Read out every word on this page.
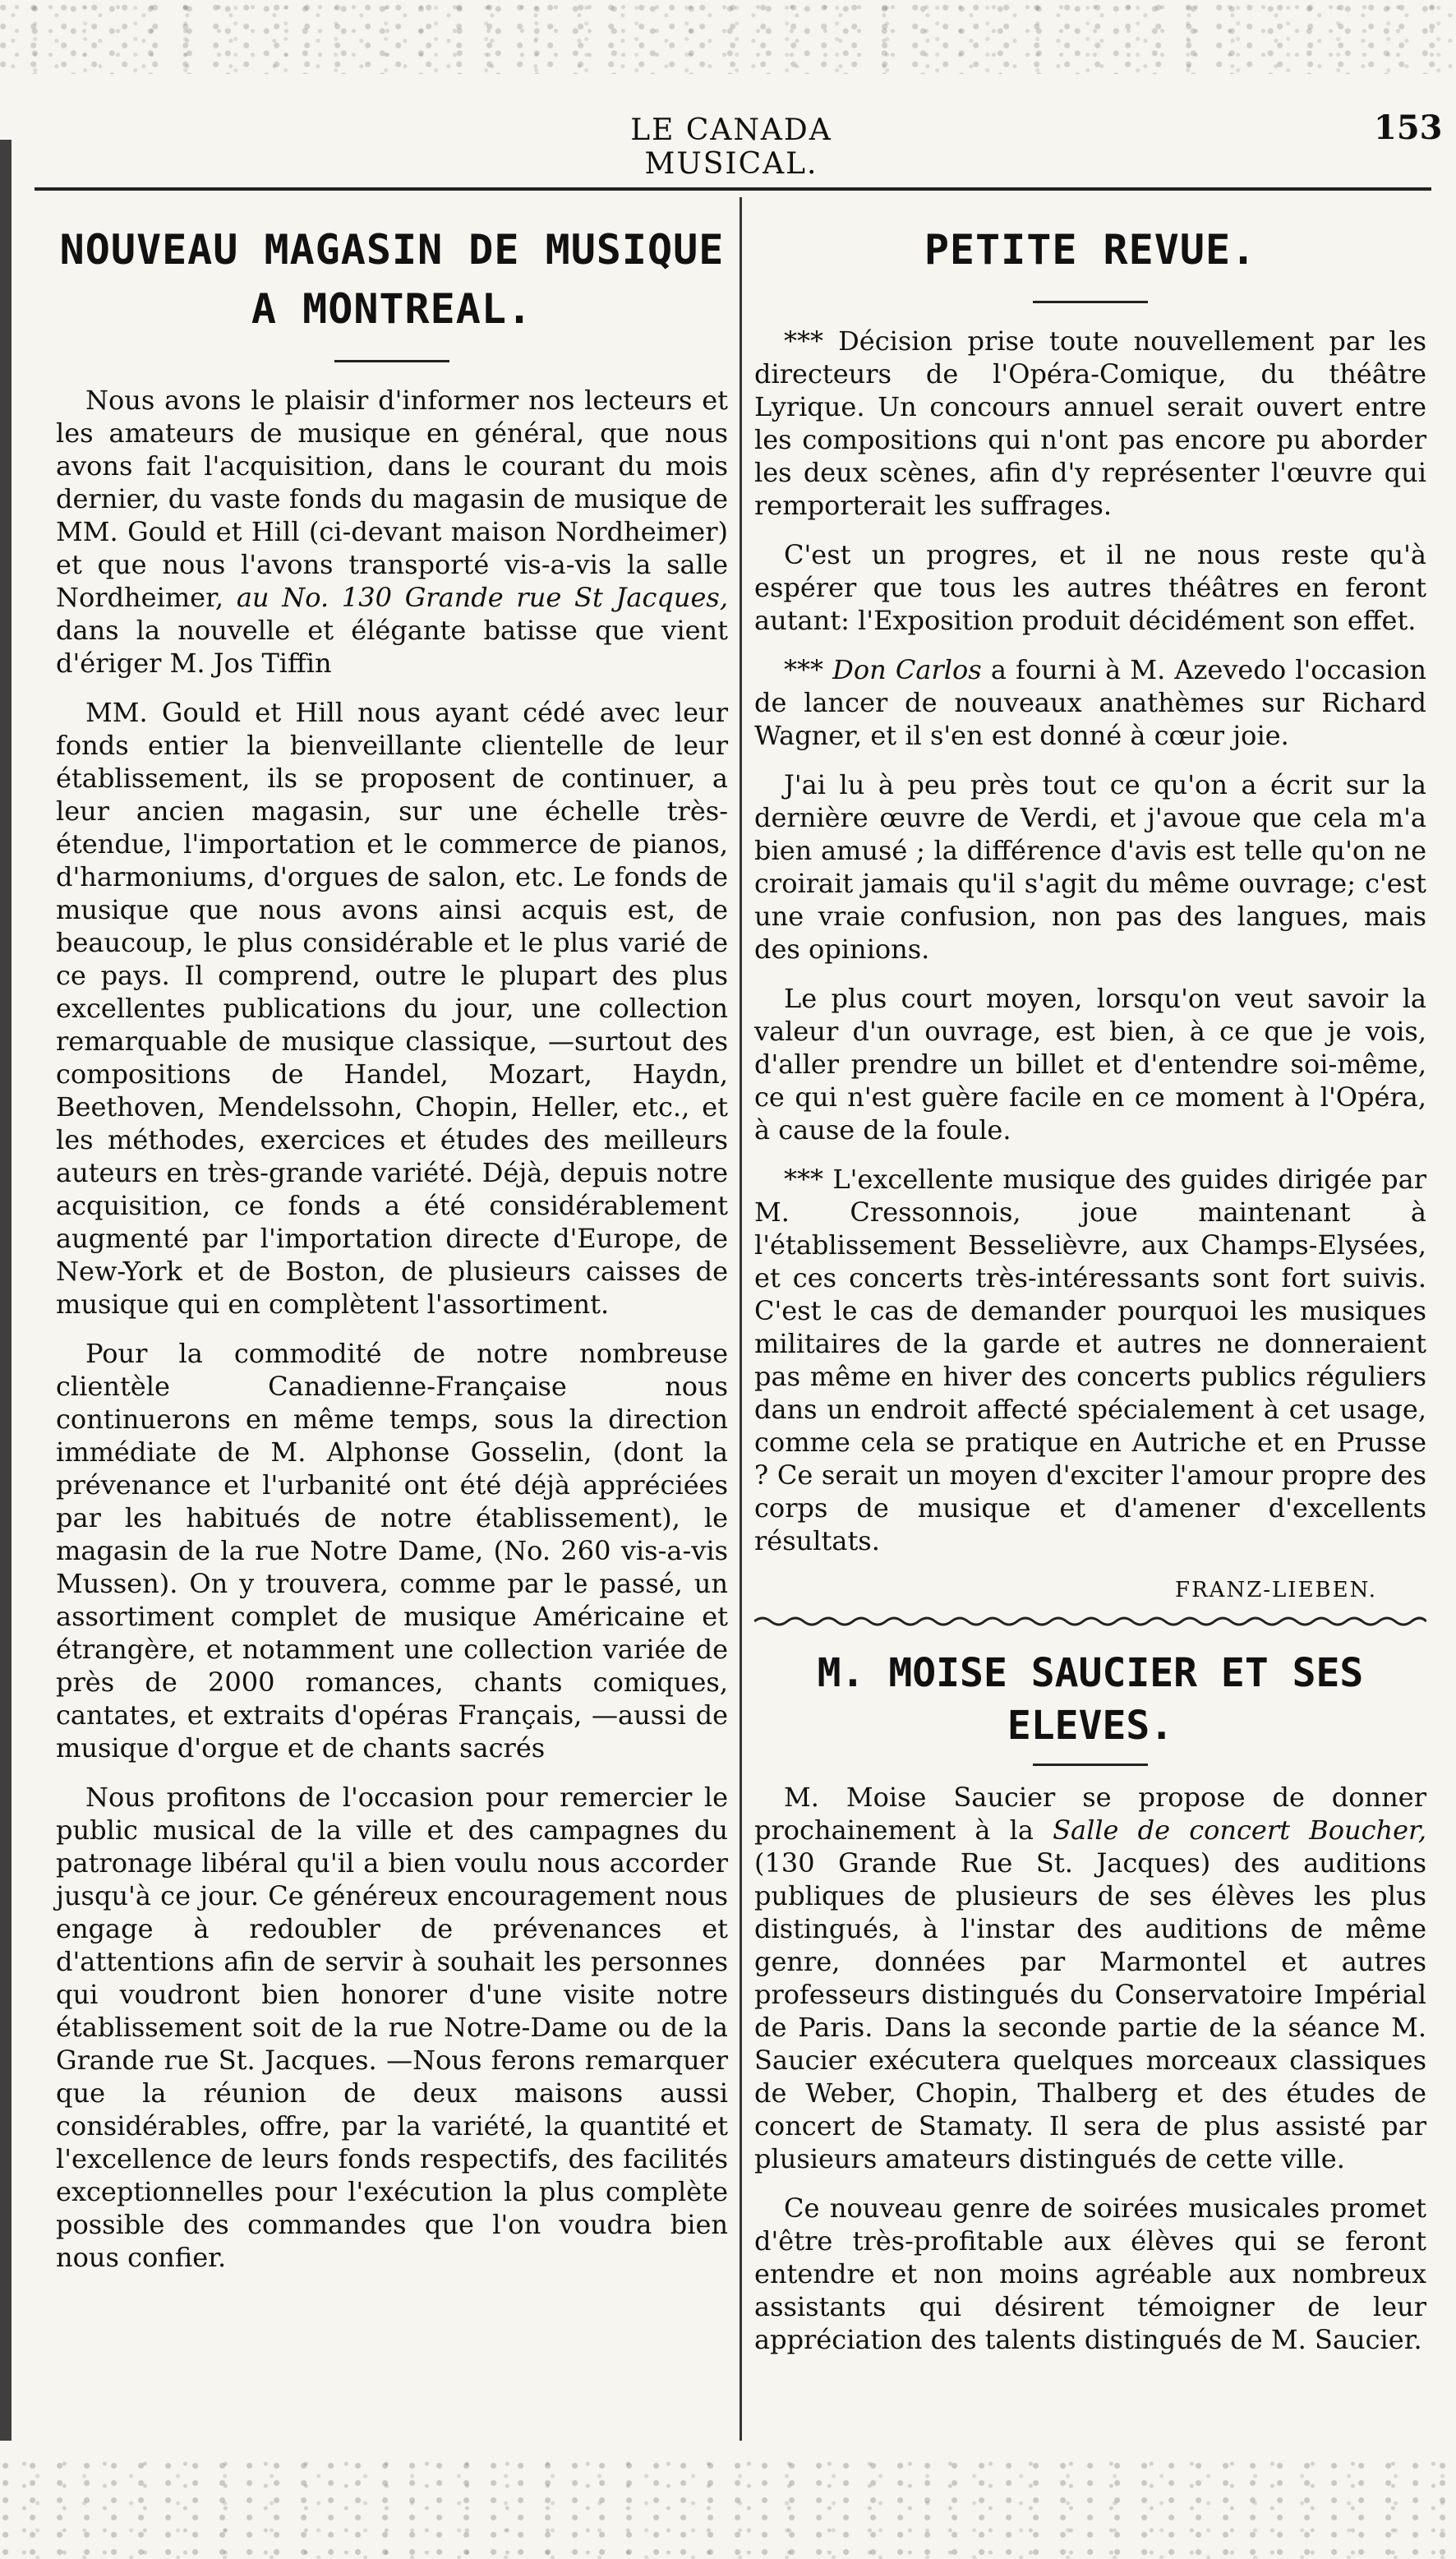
LE CANADA MUSICAL.
153
NOUVEAU MAGASIN DE MUSIQUE A MONTREAL.

Nous avons le plaisir d'informer nos lecteurs et les amateurs de musique en général, que nous avons fait l'acquisition, dans le courant du mois dernier, du vaste fonds du magasin de musique de MM. Gould et Hill (ci-devant maison Nordheimer) et que nous l'avons transporté vis-a-vis la salle Nordheimer, au No. 130 Grande rue St Jacques, dans la nouvelle et élégante batisse que vient d'ériger M. Jos Tiffin

MM. Gould et Hill nous ayant cédé avec leur fonds entier la bienveillante clientelle de leur établissement, ils se proposent de continuer, a leur ancien magasin, sur une échelle très-étendue, l'importation et le commerce de pianos, d'harmoniums, d'orgues de salon, etc. Le fonds de musique que nous avons ainsi acquis est, de beaucoup, le plus considérable et le plus varié de ce pays. Il comprend, outre le plupart des plus excellentes publications du jour, une collection remarquable de musique classique, —surtout des compositions de Handel, Mozart, Haydn, Beethoven, Mendelssohn, Chopin, Heller, etc., et les méthodes, exercices et études des meilleurs auteurs en très-grande variété. Déjà, depuis notre acquisition, ce fonds a été considérablement augmenté par l'importation directe d'Europe, de New-York et de Boston, de plusieurs caisses de musique qui en complètent l'assortiment.

Pour la commodité de notre nombreuse clientèle Canadienne-Française nous continuerons en même temps, sous la direction immédiate de M. Alphonse Gosselin, (dont la prévenance et l'urbanité ont été déjà appréciées par les habitués de notre établissement), le magasin de la rue Notre Dame, (No. 260 vis-a-vis Mussen). On y trouvera, comme par le passé, un assortiment complet de musique Américaine et étrangère, et notamment une collection variée de près de 2000 romances, chants comiques, cantates, et extraits d'opéras Français, —aussi de musique d'orgue et de chants sacrés

Nous profitons de l'occasion pour remercier le public musical de la ville et des campagnes du patronage libéral qu'il a bien voulu nous accorder jusqu'à ce jour. Ce généreux encouragement nous engage à redoubler de prévenances et d'attentions afin de servir à souhait les personnes qui voudront bien honorer d'une visite notre établissement soit de la rue Notre-Dame ou de la Grande rue St. Jacques. —Nous ferons remarquer que la réunion de deux maisons aussi considérables, offre, par la variété, la quantité et l'excellence de leurs fonds respectifs, des facilités exceptionnelles pour l'exécution la plus complète possible des commandes que l'on voudra bien nous confier.

PETITE REVUE.

*** Décision prise toute nouvellement par les directeurs de l'Opéra-Comique, du théâtre Lyrique. Un concours annuel serait ouvert entre les compositions qui n'ont pas encore pu aborder les deux scènes, afin d'y représenter l'œuvre qui remporterait les suffrages.

C'est un progres, et il ne nous reste qu'à espérer que tous les autres théâtres en feront autant: l'Exposition produit décidément son effet.

*** Don Carlos a fourni à M. Azevedo l'occasion de lancer de nouveaux anathèmes sur Richard Wagner, et il s'en est donné à cœur joie.

J'ai lu à peu près tout ce qu'on a écrit sur la dernière œuvre de Verdi, et j'avoue que cela m'a bien amusé ; la différence d'avis est telle qu'on ne croirait jamais qu'il s'agit du même ouvrage; c'est une vraie confusion, non pas des langues, mais des opinions.

Le plus court moyen, lorsqu'on veut savoir la valeur d'un ouvrage, est bien, à ce que je vois, d'aller prendre un billet et d'entendre soi-même, ce qui n'est guère facile en ce moment à l'Opéra, à cause de la foule.

*** L'excellente musique des guides dirigée par M. Cressonnois, joue maintenant à l'établissement Besselièvre, aux Champs-Elysées, et ces concerts très-intéressants sont fort suivis. C'est le cas de demander pourquoi les musiques militaires de la garde et autres ne donneraient pas même en hiver des concerts publics réguliers dans un endroit affecté spécialement à cet usage, comme cela se pratique en Autriche et en Prusse ? Ce serait un moyen d'exciter l'amour propre des corps de musique et d'amener d'excellents résultats.

FRANZ-LIEBEN.

M. MOISE SAUCIER ET SES ELEVES.

M. Moise Saucier se propose de donner prochainement à la Salle de concert Boucher, (130 Grande Rue St. Jacques) des auditions publiques de plusieurs de ses élèves les plus distingués, à l'instar des auditions de même genre, données par Marmontel et autres professeurs distingués du Conservatoire Impérial de Paris. Dans la seconde partie de la séance M. Saucier exécutera quelques morceaux classiques de Weber, Chopin, Thalberg et des études de concert de Stamaty. Il sera de plus assisté par plusieurs amateurs distingués de cette ville.

Ce nouveau genre de soirées musicales promet d'être très-profitable aux élèves qui se feront entendre et non moins agréable aux nombreux assistants qui désirent témoigner de leur appréciation des talents distingués de M. Saucier.
